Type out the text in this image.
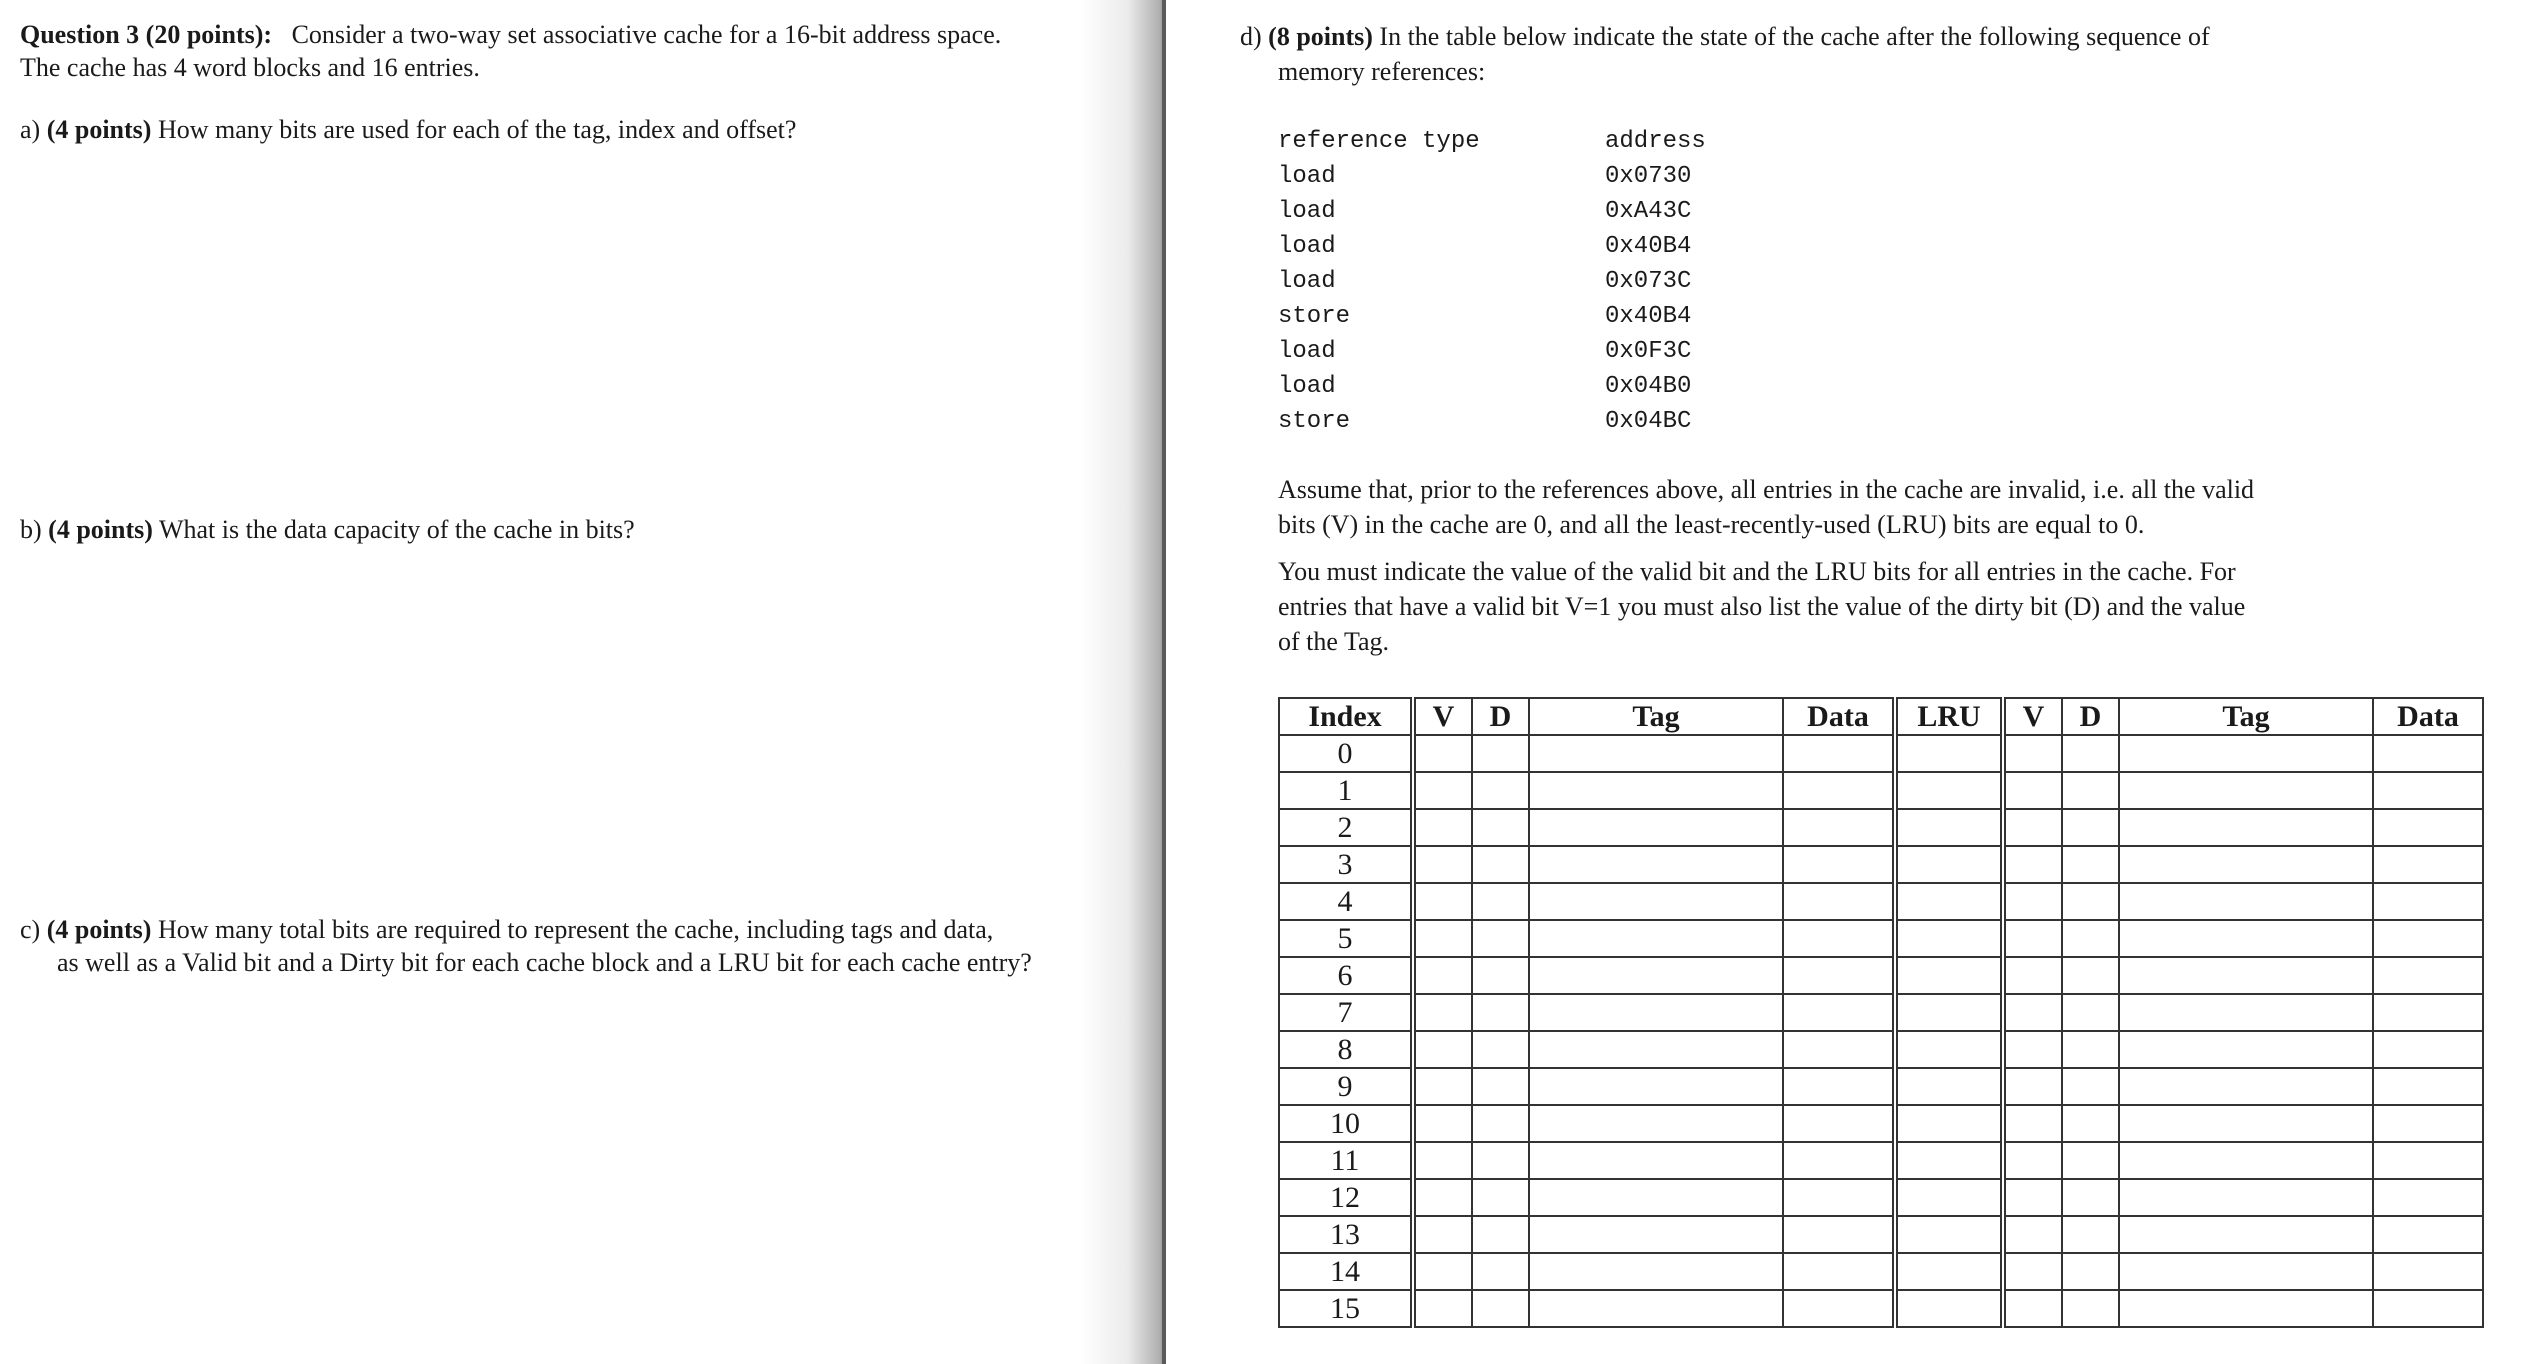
Question 3 (20 points): Consider a two-way set associative cache for a 16-bit address space.

The cache has 4 word blocks and 16 entries.

a) (4 points) How many bits are used for each of the tag, index and offset?

b) (4 points) What is the data capacity of the cache in bits?

c) (4 points) How many total bits are required to represent the cache, including tags and data,

as well as a Valid bit and a Dirty bit for each cache block and a LRU bit for each cache entry?

d) (8 points) In the table below indicate the state of the cache after the following sequence of

memory references:

reference type	address
load	0x0730
load	0xA43C
load	0x40B4
load	0x073C
store	0x40B4
load	0x0F3C
load	0x04B0
store	0x04BC

Assume that, prior to the references above, all entries in the cache are invalid, i.e. all the valid

bits (V) in the cache are 0, and all the least-recently-used (LRU) bits are equal to 0.

You must indicate the value of the valid bit and the LRU bits for all entries in the cache. For

entries that have a valid bit V=1 you must also list the value of the dirty bit (D) and the value

of the Tag.

Index	V	D	Tag	Data	LRU	V	D	Tag	Data
0									
1									
2									
3									
4									
5									
6									
7									
8									
9									
10									
11									
12									
13									
14									
15									
